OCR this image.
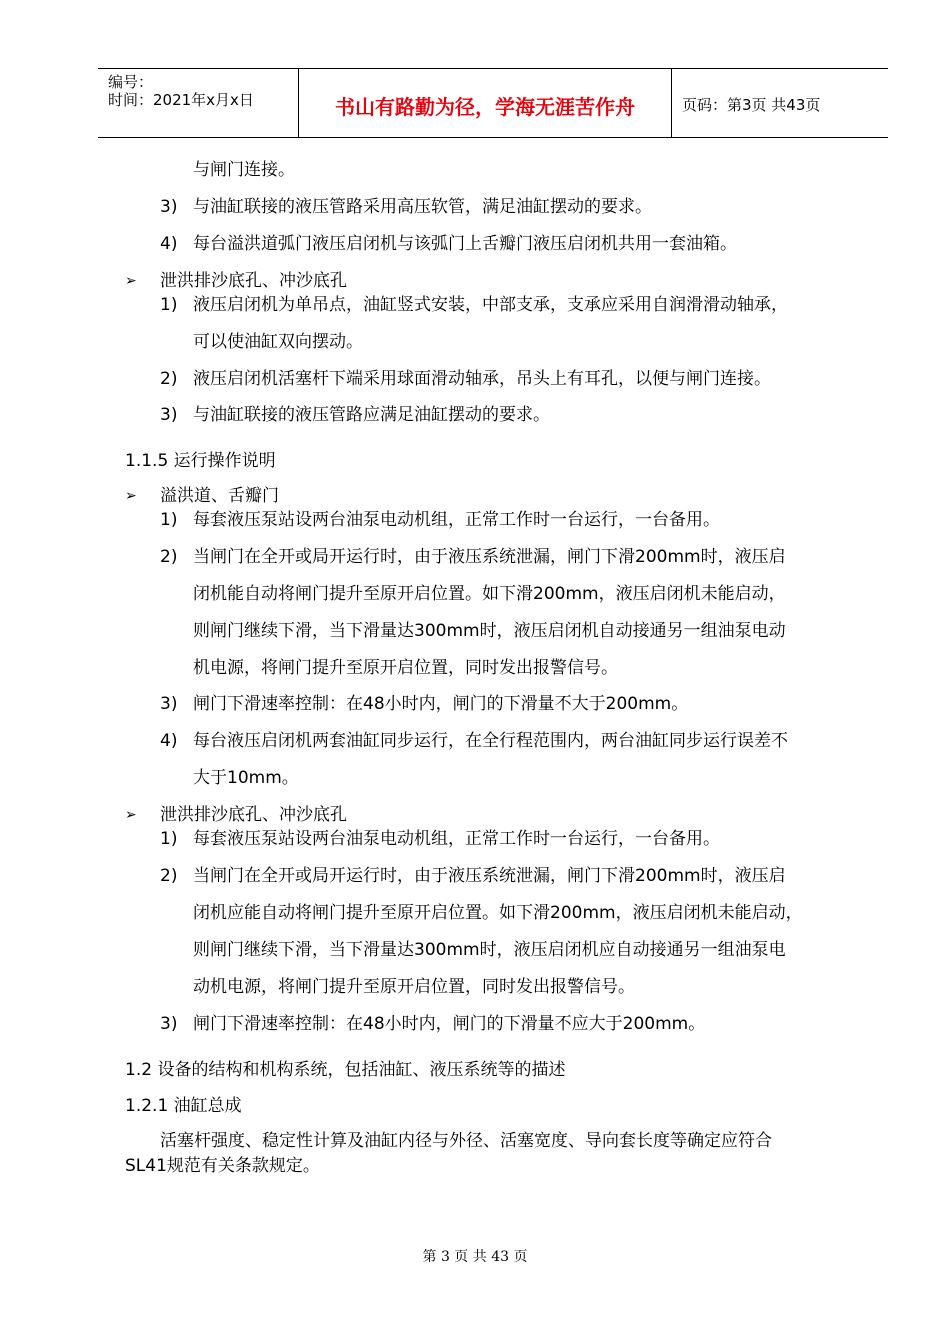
编号：
时间：2021年x月x日	书山有路勤为径，学海无涯苦作舟	页码：第3页 共43页
与闸门连接。
3) 与油缸联接的液压管路采用高压软管，满足油缸摆动的要求。
4) 每台溢洪道弧门液压启闭机与该弧门上舌瓣门液压启闭机共用一套油箱。
➢ 泄洪排沙底孔、冲沙底孔
1) 液压启闭机为单吊点，油缸竖式安装，中部支承，支承应采用自润滑滑动轴承，
可以使油缸双向摆动。
2) 液压启闭机活塞杆下端采用球面滑动轴承，吊头上有耳孔，以便与闸门连接。
3) 与油缸联接的液压管路应满足油缸摆动的要求。
1.1.5 运行操作说明
➢ 溢洪道、舌瓣门
1) 每套液压泵站设两台油泵电动机组，正常工作时一台运行，一台备用。
2) 当闸门在全开或局开运行时，由于液压系统泄漏，闸门下滑200mm时，液压启
闭机能自动将闸门提升至原开启位置。如下滑200mm，液压启闭机未能启动，
则闸门继续下滑，当下滑量达300mm时，液压启闭机自动接通另一组油泵电动
机电源，将闸门提升至原开启位置，同时发出报警信号。
3) 闸门下滑速率控制：在48小时内，闸门的下滑量不大于200mm。
4) 每台液压启闭机两套油缸同步运行，在全行程范围内，两台油缸同步运行误差不
大于10mm。
➢ 泄洪排沙底孔、冲沙底孔
1) 每套液压泵站设两台油泵电动机组，正常工作时一台运行，一台备用。
2) 当闸门在全开或局开运行时，由于液压系统泄漏，闸门下滑200mm时，液压启
闭机应能自动将闸门提升至原开启位置。如下滑200mm，液压启闭机未能启动，
则闸门继续下滑，当下滑量达300mm时，液压启闭机应自动接通另一组油泵电
动机电源，将闸门提升至原开启位置，同时发出报警信号。
3) 闸门下滑速率控制：在48小时内，闸门的下滑量不应大于200mm。
1.2 设备的结构和机构系统，包括油缸、液压系统等的描述
1.2.1 油缸总成
活塞杆强度、稳定性计算及油缸内径与外径、活塞宽度、导向套长度等确定应符合
SL41规范有关条款规定。
第 3 页 共 43 页
